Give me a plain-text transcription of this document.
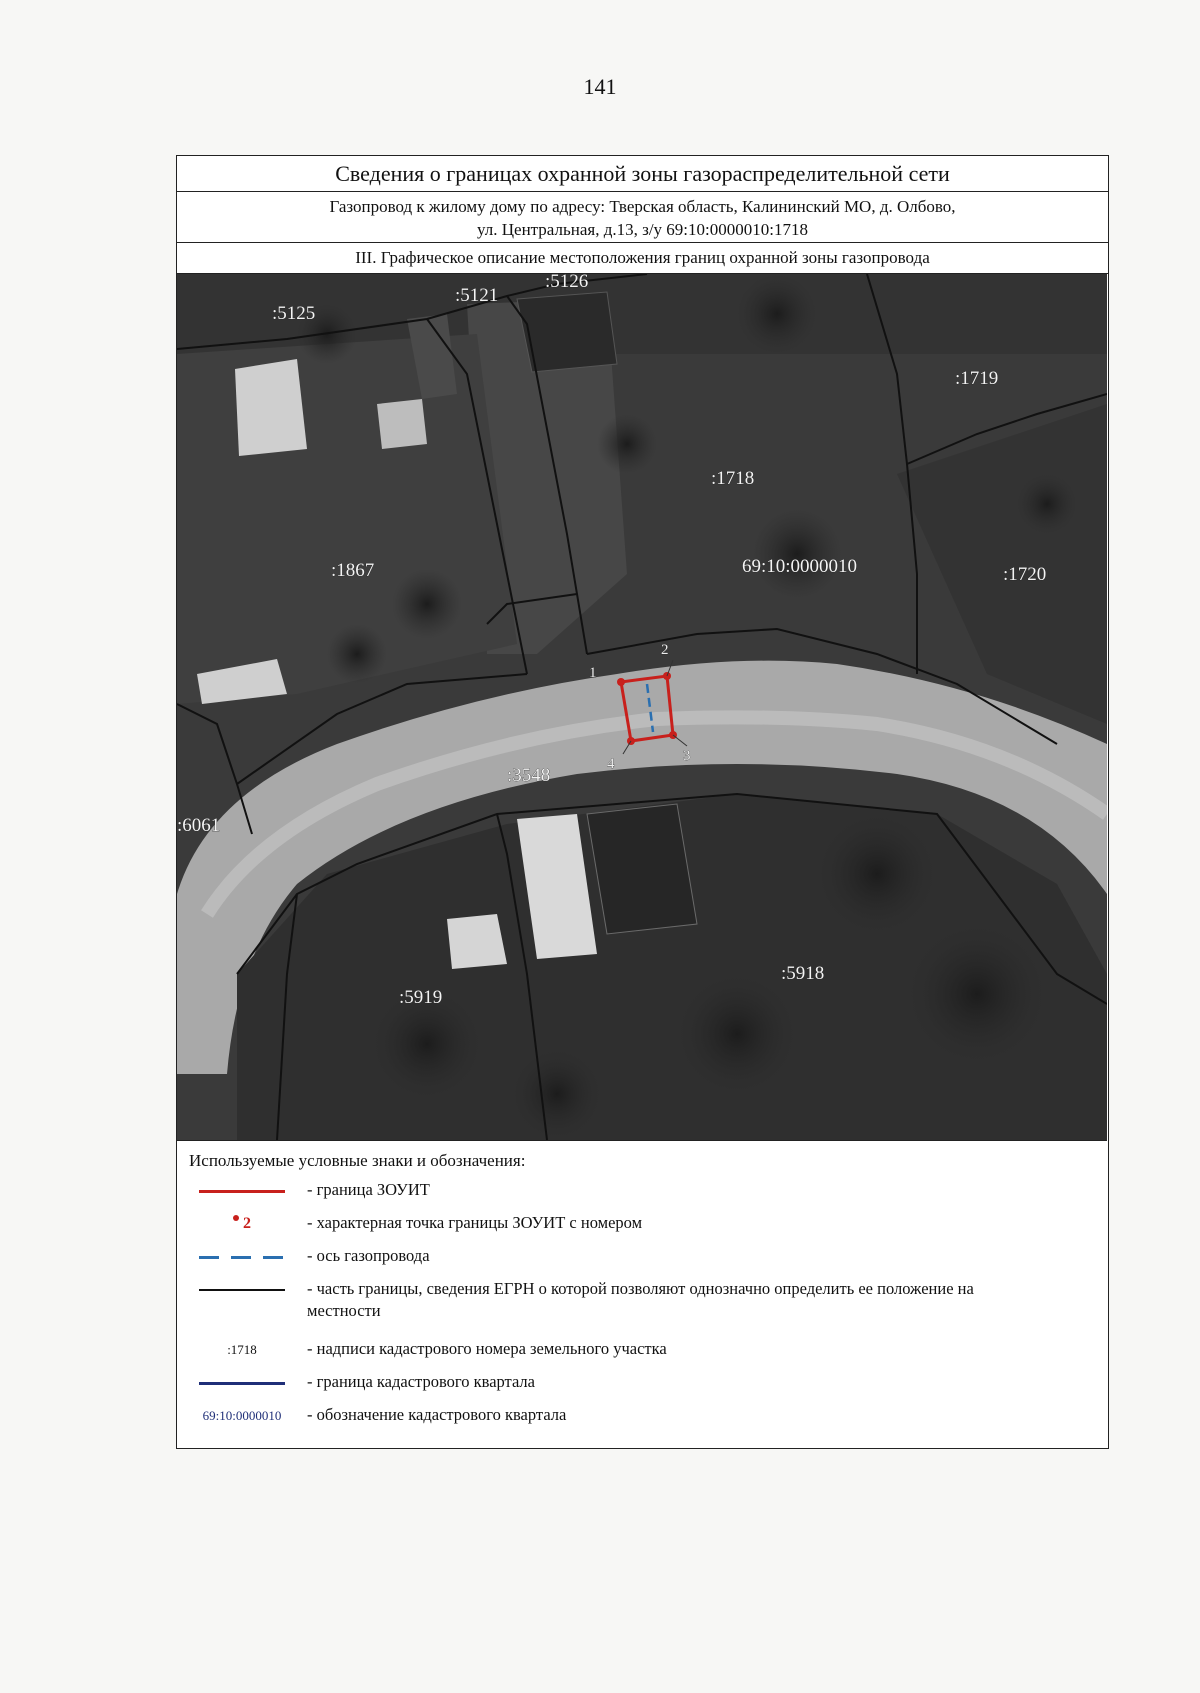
141
Сведения о границах охранной зоны газораспределительной сети
Газопровод к жилому дому по адресу: Тверская область, Калининский МО, д. Олбово,
ул. Центральная, д.13, з/у 69:10:0000010:1718
III. Графическое описание местоположения границ охранной зоны газопровода
1
2
3
4
:5125
:5121
:5126
:1719
:1718
:1867	:1720
:3548
:6061
:5918
:5919
69:10:0000010
Используемые условные знаки и обозначения:
- граница ЗОУИТ
2	- характерная точка границы ЗОУИТ с номером
- ось газопровода
- часть границы, сведения ЕГРН о которой позволяют однозначно определить ее положение на местности
:1718	- надписи кадастрового номера земельного участка
- граница кадастрового квартала
69:10:0000010 - обозначение кадастрового квартала
